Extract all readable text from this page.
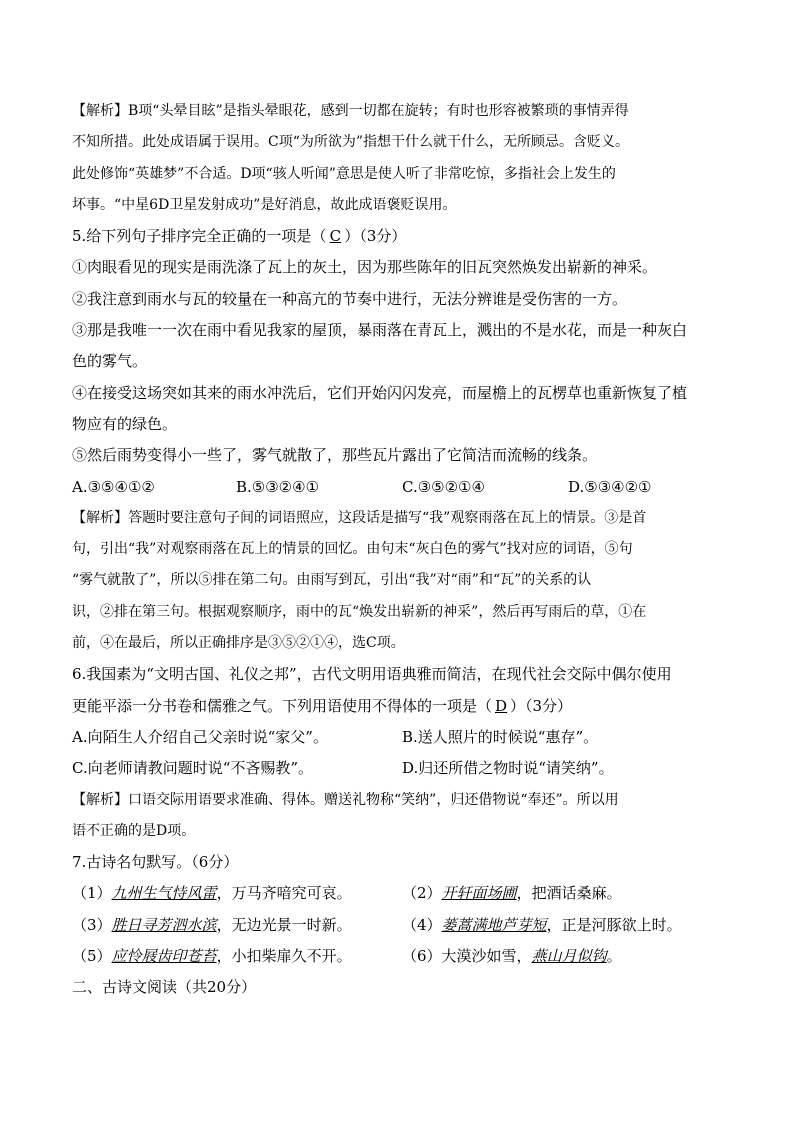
【解析】B项“头晕目眩”是指头晕眼花，感到一切都在旋转；有时也形容被繁琐的事情弄得
不知所措。此处成语属于误用。C项“为所欲为”指想干什么就干什么，无所顾忌。含贬义。
此处修饰“英雄梦”不合适。D项“骇人听闻”意思是使人听了非常吃惊，多指社会上发生的
坏事。“中星6D卫星发射成功”是好消息，故此成语褒贬误用。
5.给下列句子排序完全正确的一项是（ C ）（3分）
①肉眼看见的现实是雨洗涤了瓦上的灰土，因为那些陈年的旧瓦突然焕发出崭新的神采。
②我注意到雨水与瓦的较量在一种高亢的节奏中进行，无法分辨谁是受伤害的一方。
③那是我唯一一次在雨中看见我家的屋顶，暴雨落在青瓦上，溅出的不是水花，而是一种灰白
色的雾气。
④在接受这场突如其来的雨水冲洗后，它们开始闪闪发亮，而屋檐上的瓦楞草也重新恢复了植
物应有的绿色。
⑤然后雨势变得小一些了，雾气就散了，那些瓦片露出了它简洁而流畅的线条。
A.③⑤④①②	B.⑤③②④①	C.③⑤②①④	D.⑤③④②①
【解析】答题时要注意句子间的词语照应，这段话是描写“我”观察雨落在瓦上的情景。③是首
句，引出“我”对观察雨落在瓦上的情景的回忆。由句末“灰白色的雾气”找对应的词语，⑤句
“雾气就散了”，所以⑤排在第二句。由雨写到瓦，引出“我”对“雨”和“瓦”的关系的认
识，②排在第三句。根据观察顺序，雨中的瓦“焕发出崭新的神采”，然后再写雨后的草，①在
前，④在最后，所以正确排序是③⑤②①④，选C项。
6.我国素为“文明古国、礼仪之邦”，古代文明用语典雅而简洁，在现代社会交际中偶尔使用
更能平添一分书卷和儒雅之气。下列用语使用不得体的一项是（ D ）（3分）
A.向陌生人介绍自己父亲时说“家父”。	B.送人照片的时候说“惠存”。
C.向老师请教问题时说“不吝赐教”。	D.归还所借之物时说“请笑纳”。
【解析】口语交际用语要求准确、得体。赠送礼物称“笑纳”，归还借物说“奉还”。所以用
语不正确的是D项。
7.古诗名句默写。（6分）
（1）九州生气恃风雷，万马齐喑究可哀。	（2）开轩面场圃，把酒话桑麻。
（3）胜日寻芳泗水滨，无边光景一时新。	（4）蒌蒿满地芦芽短，正是河豚欲上时。
（5）应怜屐齿印苍苔，小扣柴扉久不开。	（6）大漠沙如雪，燕山月似钩。
二、古诗文阅读（共20分）
